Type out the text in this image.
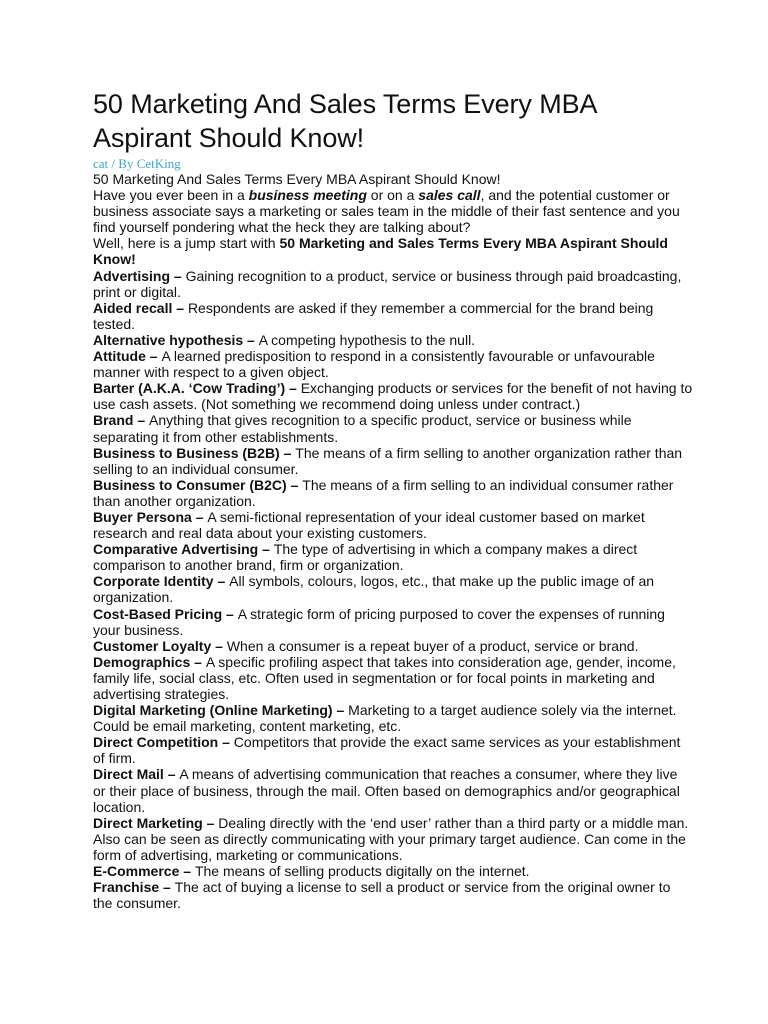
50 Marketing And Sales Terms Every MBA Aspirant Should Know!

cat / By CetKing

50 Marketing And Sales Terms Every MBA Aspirant Should Know!

Have you ever been in a business meeting or on a sales call, and the potential customer or business associate says a marketing or sales team in the middle of their fast sentence and you find yourself pondering what the heck they are talking about?

Well, here is a jump start with 50 Marketing and Sales Terms Every MBA Aspirant Should Know!

Advertising – Gaining recognition to a product, service or business through paid broadcasting, print or digital.

Aided recall – Respondents are asked if they remember a commercial for the brand being tested.

Alternative hypothesis – A competing hypothesis to the null.

Attitude – A learned predisposition to respond in a consistently favourable or unfavourable manner with respect to a given object.

Barter (A.K.A. ‘Cow Trading’) – Exchanging products or services for the benefit of not having to use cash assets. (Not something we recommend doing unless under contract.)

Brand – Anything that gives recognition to a specific product, service or business while separating it from other establishments.

Business to Business (B2B) – The means of a firm selling to another organization rather than selling to an individual consumer.

Business to Consumer (B2C) – The means of a firm selling to an individual consumer rather than another organization.

Buyer Persona – A semi-fictional representation of your ideal customer based on market research and real data about your existing customers.

Comparative Advertising – The type of advertising in which a company makes a direct comparison to another brand, firm or organization.

Corporate Identity – All symbols, colours, logos, etc., that make up the public image of an organization.

Cost-Based Pricing – A strategic form of pricing purposed to cover the expenses of running your business.

Customer Loyalty – When a consumer is a repeat buyer of a product, service or brand.

Demographics – A specific profiling aspect that takes into consideration age, gender, income, family life, social class, etc. Often used in segmentation or for focal points in marketing and advertising strategies.

Digital Marketing (Online Marketing) – Marketing to a target audience solely via the internet. Could be email marketing, content marketing, etc.

Direct Competition – Competitors that provide the exact same services as your establishment of firm.

Direct Mail – A means of advertising communication that reaches a consumer, where they live or their place of business, through the mail. Often based on demographics and/or geographical location.

Direct Marketing – Dealing directly with the ‘end user’ rather than a third party or a middle man. Also can be seen as directly communicating with your primary target audience. Can come in the form of advertising, marketing or communications.

E-Commerce – The means of selling products digitally on the internet.

Franchise – The act of buying a license to sell a product or service from the original owner to the consumer.
